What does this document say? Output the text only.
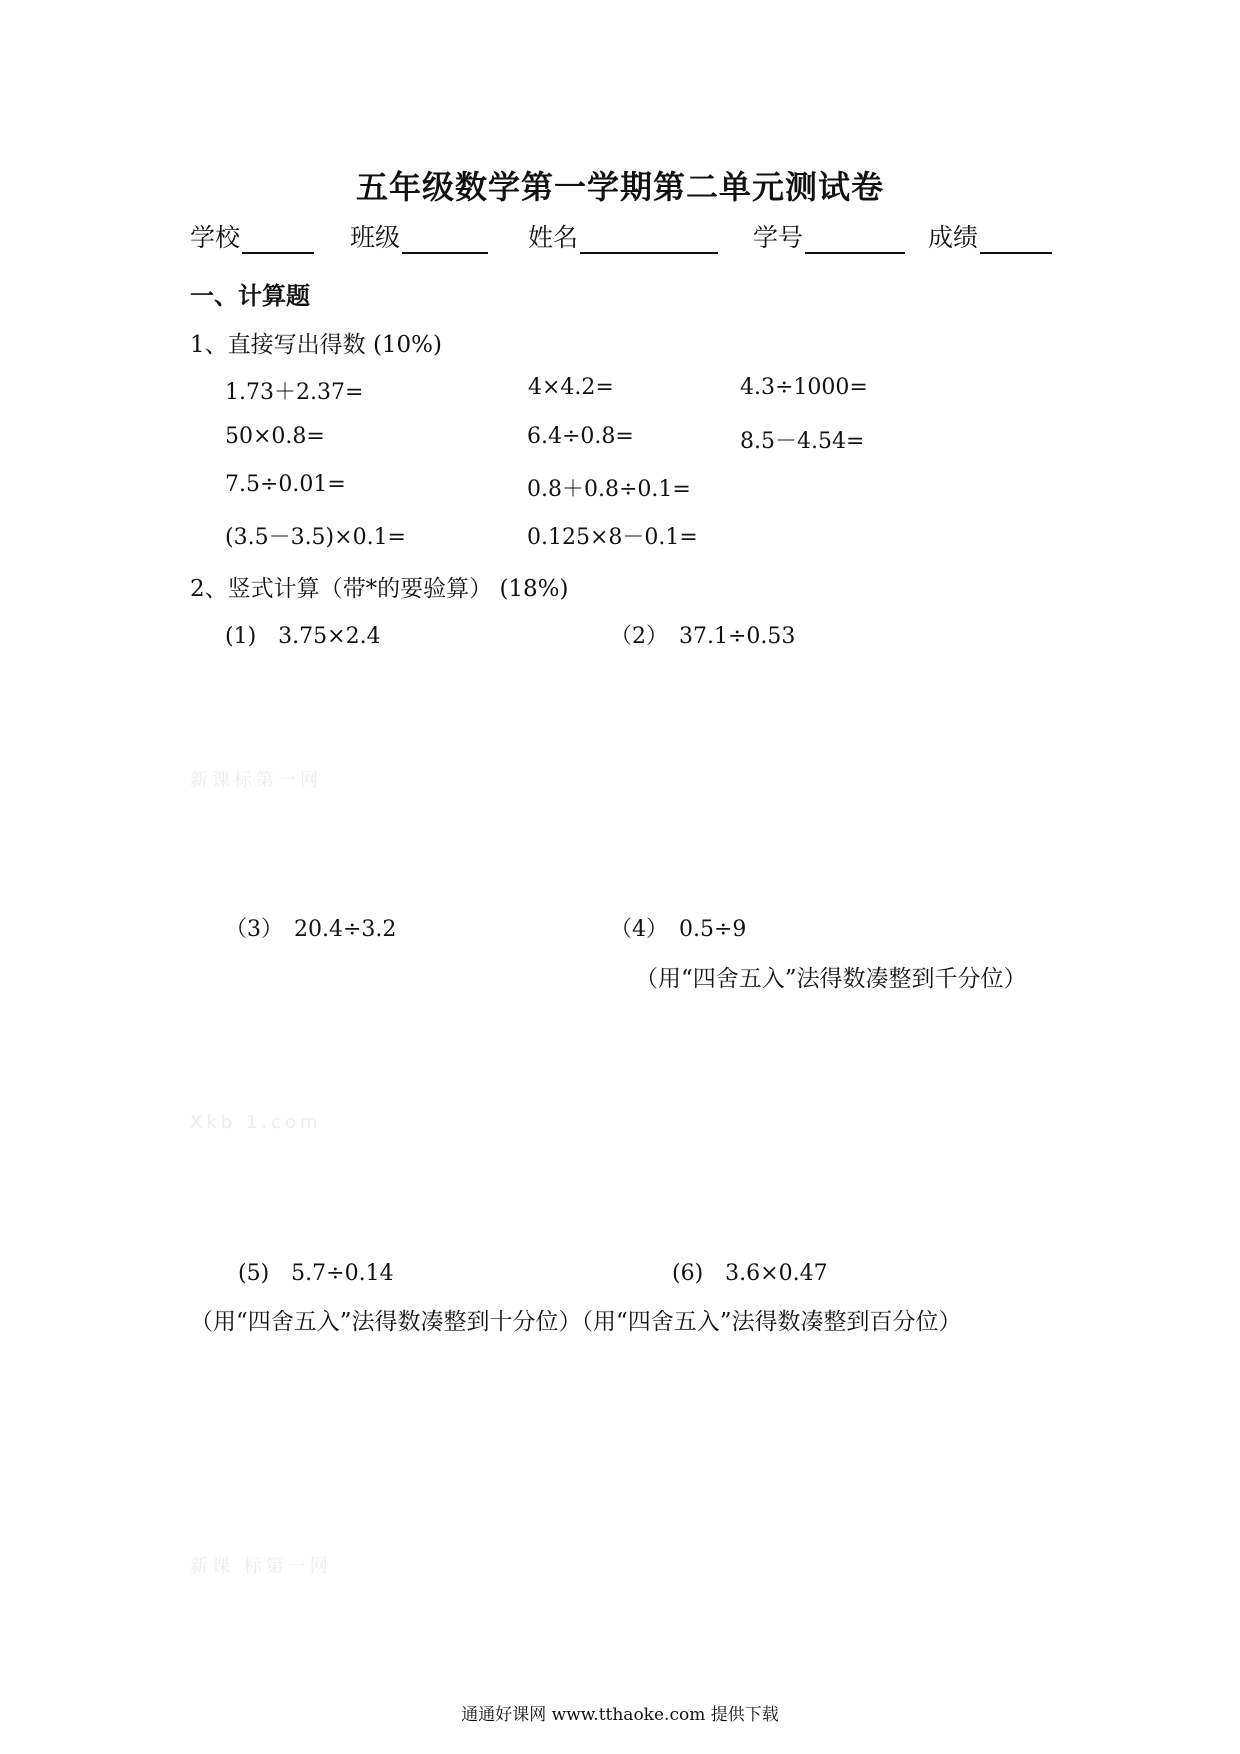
五年级数学第一学期第二单元测试卷
学校	班级	姓名	学号	成绩
一、计算题
1、直接写出得数 (10%)
1.73＋2.37=	4×4.2=	4.3÷1000=
50×0.8=	6.4÷0.8=	8.5－4.54=
7.5÷0.01=	0.8＋0.8÷0.1=
(3.5－3.5)×0.1=	0.125×8－0.1=
2、竖式计算（带*的要验算） (18%)
(1)　3.75×2.4	（2）　37.1÷0.53
新课标第一网
（3）　20.4÷3.2	（4）　0.5÷9
（用“四舍五入”法得数凑整到千分位）
Xkb 1.com
(5)　5.7÷0.14	(6)　3.6×0.47
（用“四舍五入”法得数凑整到十分位）（用“四舍五入”法得数凑整到百分位）
新课 标第一网
通通好课网 www.tthaoke.com 提供下载
